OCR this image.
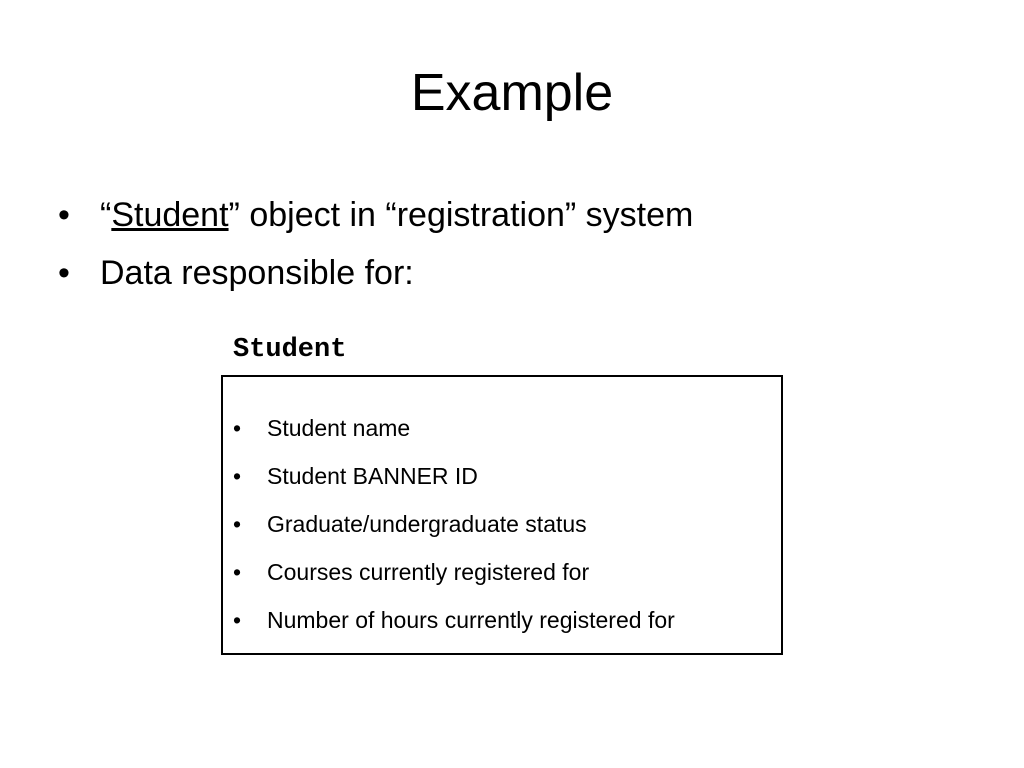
Example
• “Student” object in “registration” system
• Data responsible for:
Student
• Student name
• Student BANNER ID
• Graduate/undergraduate status
• Courses currently registered for
• Number of hours currently registered for
